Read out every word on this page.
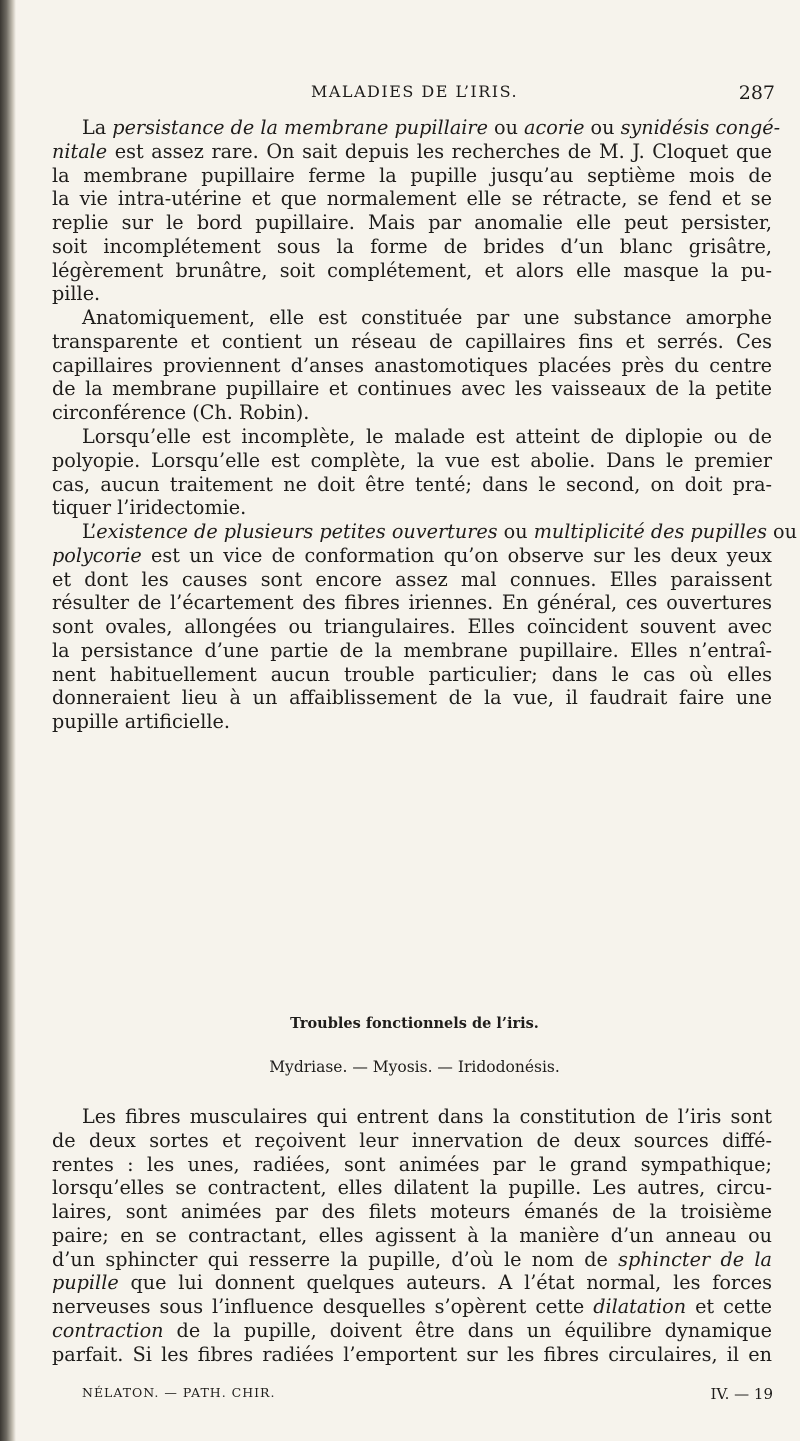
MALADIES DE L’IRIS.	287
La persistance de la membrane pupillaire ou acorie ou synidésis congé-
nitale est assez rare. On sait depuis les recherches de M. J. Cloquet que
la membrane pupillaire ferme la pupille jusqu’au septième mois de
la vie intra-utérine et que normalement elle se rétracte, se fend et se
replie sur le bord pupillaire. Mais par anomalie elle peut persister,
soit incomplétement sous la forme de brides d’un blanc grisâtre,
légèrement brunâtre, soit complétement, et alors elle masque la pu-
pille.
Anatomiquement, elle est constituée par une substance amorphe
transparente et contient un réseau de capillaires fins et serrés. Ces
capillaires proviennent d’anses anastomotiques placées près du centre
de la membrane pupillaire et continues avec les vaisseaux de la petite
circonférence (Ch. Robin).
Lorsqu’elle est incomplète, le malade est atteint de diplopie ou de
polyopie. Lorsqu’elle est complète, la vue est abolie. Dans le premier
cas, aucun traitement ne doit être tenté; dans le second, on doit pra-
tiquer l’iridectomie.
L’existence de plusieurs petites ouvertures ou multiplicité des pupilles ou
polycorie est un vice de conformation qu’on observe sur les deux yeux
et dont les causes sont encore assez mal connues. Elles paraissent
résulter de l’écartement des fibres iriennes. En général, ces ouvertures
sont ovales, allongées ou triangulaires. Elles coïncident souvent avec
la persistance d’une partie de la membrane pupillaire. Elles n’entraî-
nent habituellement aucun trouble particulier; dans le cas où elles
donneraient lieu à un affaiblissement de la vue, il faudrait faire une
pupille artificielle.
Troubles fonctionnels de l’iris.
Mydriase. — Myosis. — Iridodonésis.
Les fibres musculaires qui entrent dans la constitution de l’iris sont
de deux sortes et reçoivent leur innervation de deux sources diffé-
rentes : les unes, radiées, sont animées par le grand sympathique;
lorsqu’elles se contractent, elles dilatent la pupille. Les autres, circu-
laires, sont animées par des filets moteurs émanés de la troisième
paire; en se contractant, elles agissent à la manière d’un anneau ou
d’un sphincter qui resserre la pupille, d’où le nom de sphincter de la
pupille que lui donnent quelques auteurs. A l’état normal, les forces
nerveuses sous l’influence desquelles s’opèrent cette dilatation et cette
contraction de la pupille, doivent être dans un équilibre dynamique
parfait. Si les fibres radiées l’emportent sur les fibres circulaires, il en
NÉLATON. — PATH. CHIR.	IV. — 19
